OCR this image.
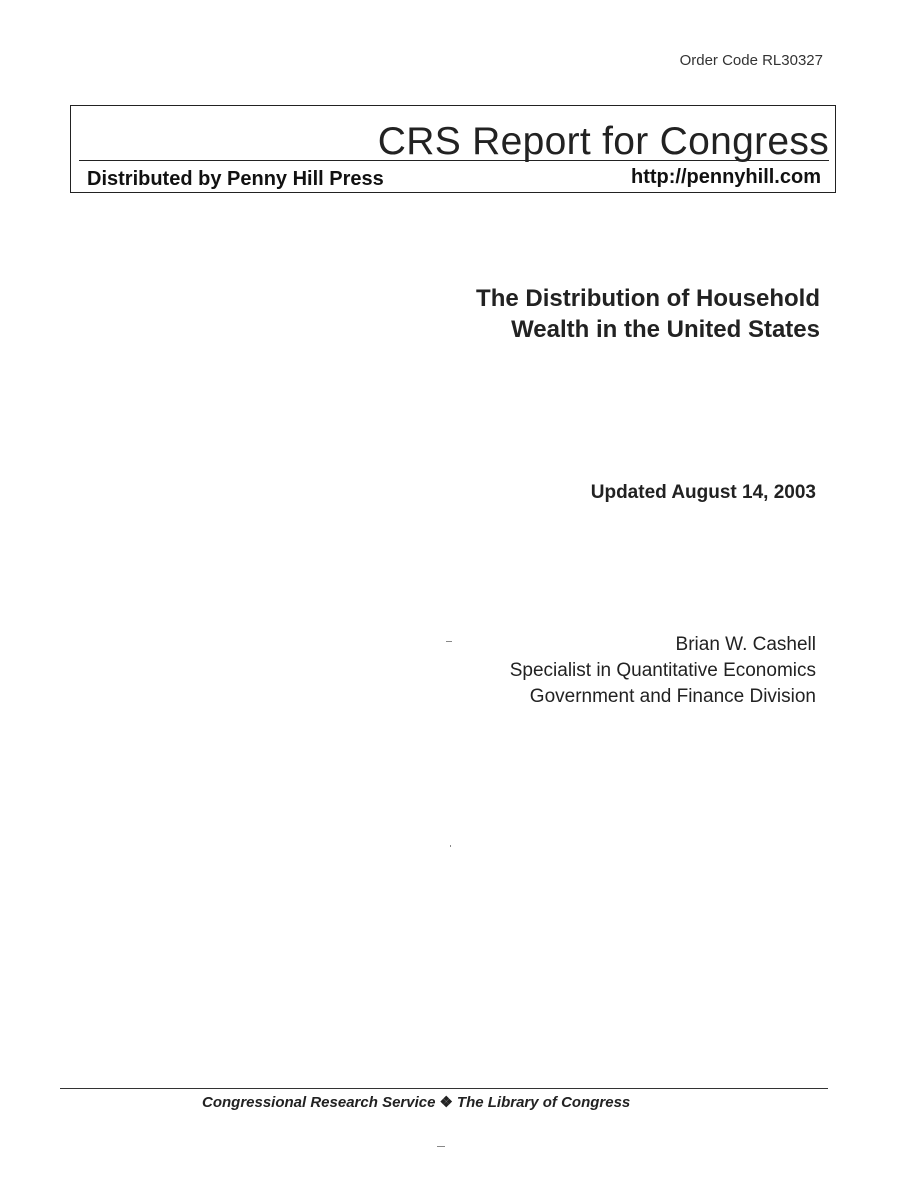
Order Code RL30327
CRS Report for Congress
Distributed by Penny Hill Press	http://pennyhill.com
The Distribution of Household
Wealth in the United States
Updated August 14, 2003
Brian W. Cashell
Specialist in Quantitative Economics
Government and Finance Division
Congressional Research Service ❖ The Library of Congress
